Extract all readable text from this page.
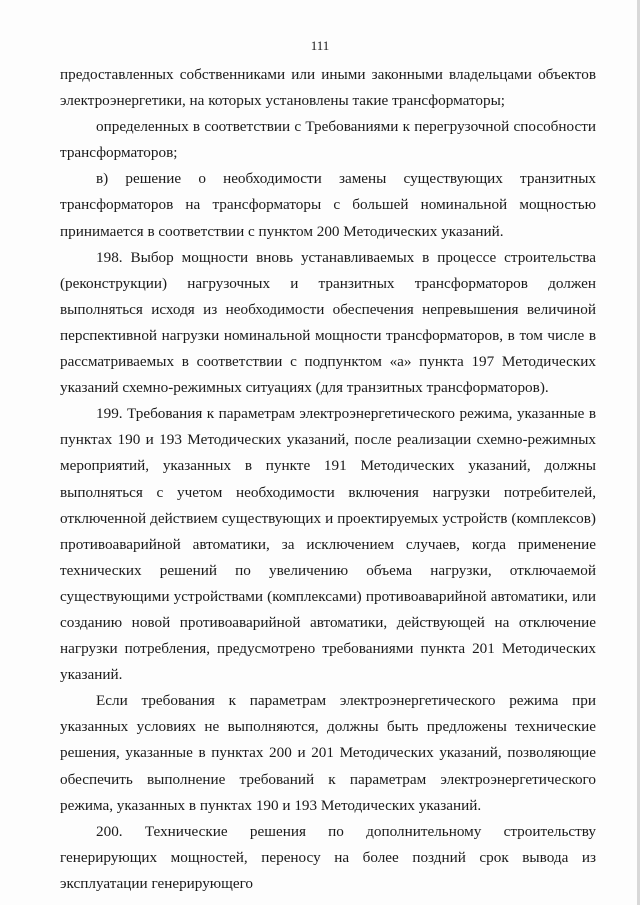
111

предоставленных собственниками или иными законными владельцами объектов электроэнергетики, на которых установлены такие трансформаторы;

определенных в соответствии с Требованиями к перегрузочной способности трансформаторов;

в) решение о необходимости замены существующих транзитных трансформаторов на трансформаторы с большей номинальной мощностью принимается в соответствии с пунктом 200 Методических указаний.

198. Выбор мощности вновь устанавливаемых в процессе строительства (реконструкции) нагрузочных и транзитных трансформаторов должен выполняться исходя из необходимости обеспечения непревышения величиной перспективной нагрузки номинальной мощности трансформаторов, в том числе в рассматриваемых в соответствии с подпунктом «а» пункта 197 Методических указаний схемно-режимных ситуациях (для транзитных трансформаторов).

199. Требования к параметрам электроэнергетического режима, указанные в пунктах 190 и 193 Методических указаний, после реализации схемно-режимных мероприятий, указанных в пункте 191 Методических указаний, должны выполняться с учетом необходимости включения нагрузки потребителей, отключенной действием существующих и проектируемых устройств (комплексов) противоаварийной автоматики, за исключением случаев, когда применение технических решений по увеличению объема нагрузки, отключаемой существующими устройствами (комплексами) противоаварийной автоматики, или созданию новой противоаварийной автоматики, действующей на отключение нагрузки потребления, предусмотрено требованиями пункта 201 Методических указаний.

Если требования к параметрам электроэнергетического режима при указанных условиях не выполняются, должны быть предложены технические решения, указанные в пунктах 200 и 201 Методических указаний, позволяющие обеспечить выполнение требований к параметрам электроэнергетического режима, указанных в пунктах 190 и 193 Методических указаний.

200. Технические решения по дополнительному строительству генерирующих мощностей, переносу на более поздний срок вывода из эксплуатации генерирующего
